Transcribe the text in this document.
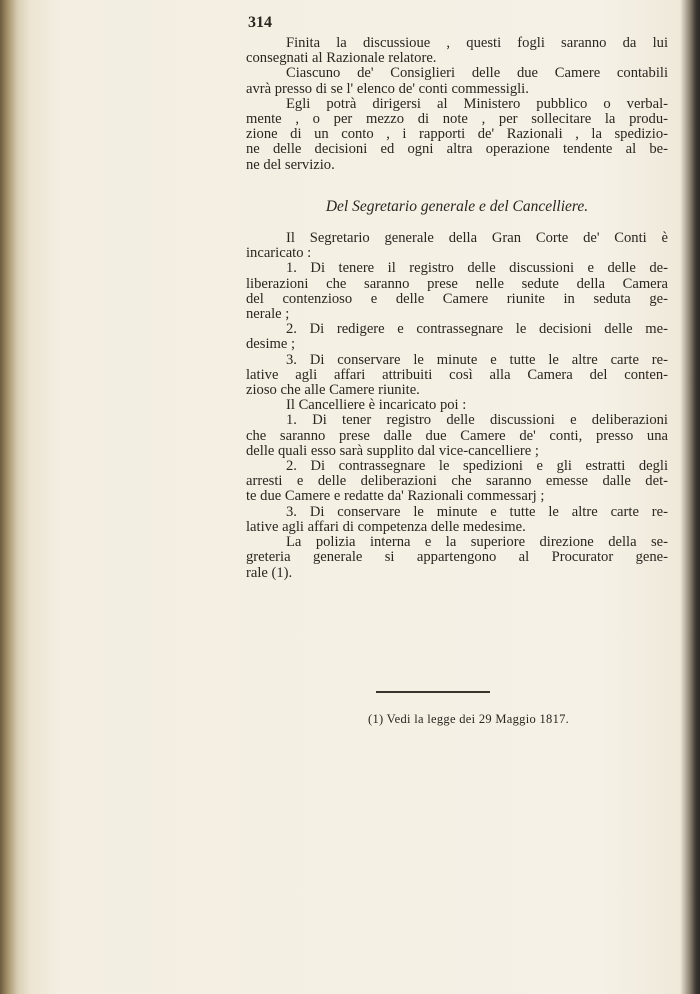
314
Finita la discussioue , questi fogli saranno da lui
consegnati al Razionale relatore.
Ciascuno de' Consiglieri delle due Camere contabili
avrà presso di se l' elenco de' conti commessigli.
Egli potrà dirigersi al Ministero pubblico o verbal-
mente , o per mezzo di note , per sollecitare la produ-
zione di un conto , i rapporti de' Razionali , la spedizio-
ne delle decisioni ed ogni altra operazione tendente al be-
ne del servizio.
Del Segretario generale e del Cancelliere.
Il Segretario generale della Gran Corte de' Conti è
incaricato :
1. Di tenere il registro delle discussioni e delle de-
liberazioni che saranno prese nelle sedute della Camera
del contenzioso e delle Camere riunite in seduta ge-
nerale ;
2. Di redigere e contrassegnare le decisioni delle me-
desime ;
3. Di conservare le minute e tutte le altre carte re-
lative agli affari attribuiti così alla Camera del conten-
zioso che alle Camere riunite.
Il Cancelliere è incaricato poi :
1. Di tener registro delle discussioni e deliberazioni
che saranno prese dalle due Camere de' conti, presso una
delle quali esso sarà supplito dal vice-cancelliere ;
2. Di contrassegnare le spedizioni e gli estratti degli
arresti e delle deliberazioni che saranno emesse dalle det-
te due Camere e redatte da' Razionali commessarj ;
3. Di conservare le minute e tutte le altre carte re-
lative agli affari di competenza delle medesime.
La polizia interna e la superiore direzione della se-
greteria generale si appartengono al Procurator gene-
rale (1).
(1) Vedi la legge dei 29 Maggio 1817.
